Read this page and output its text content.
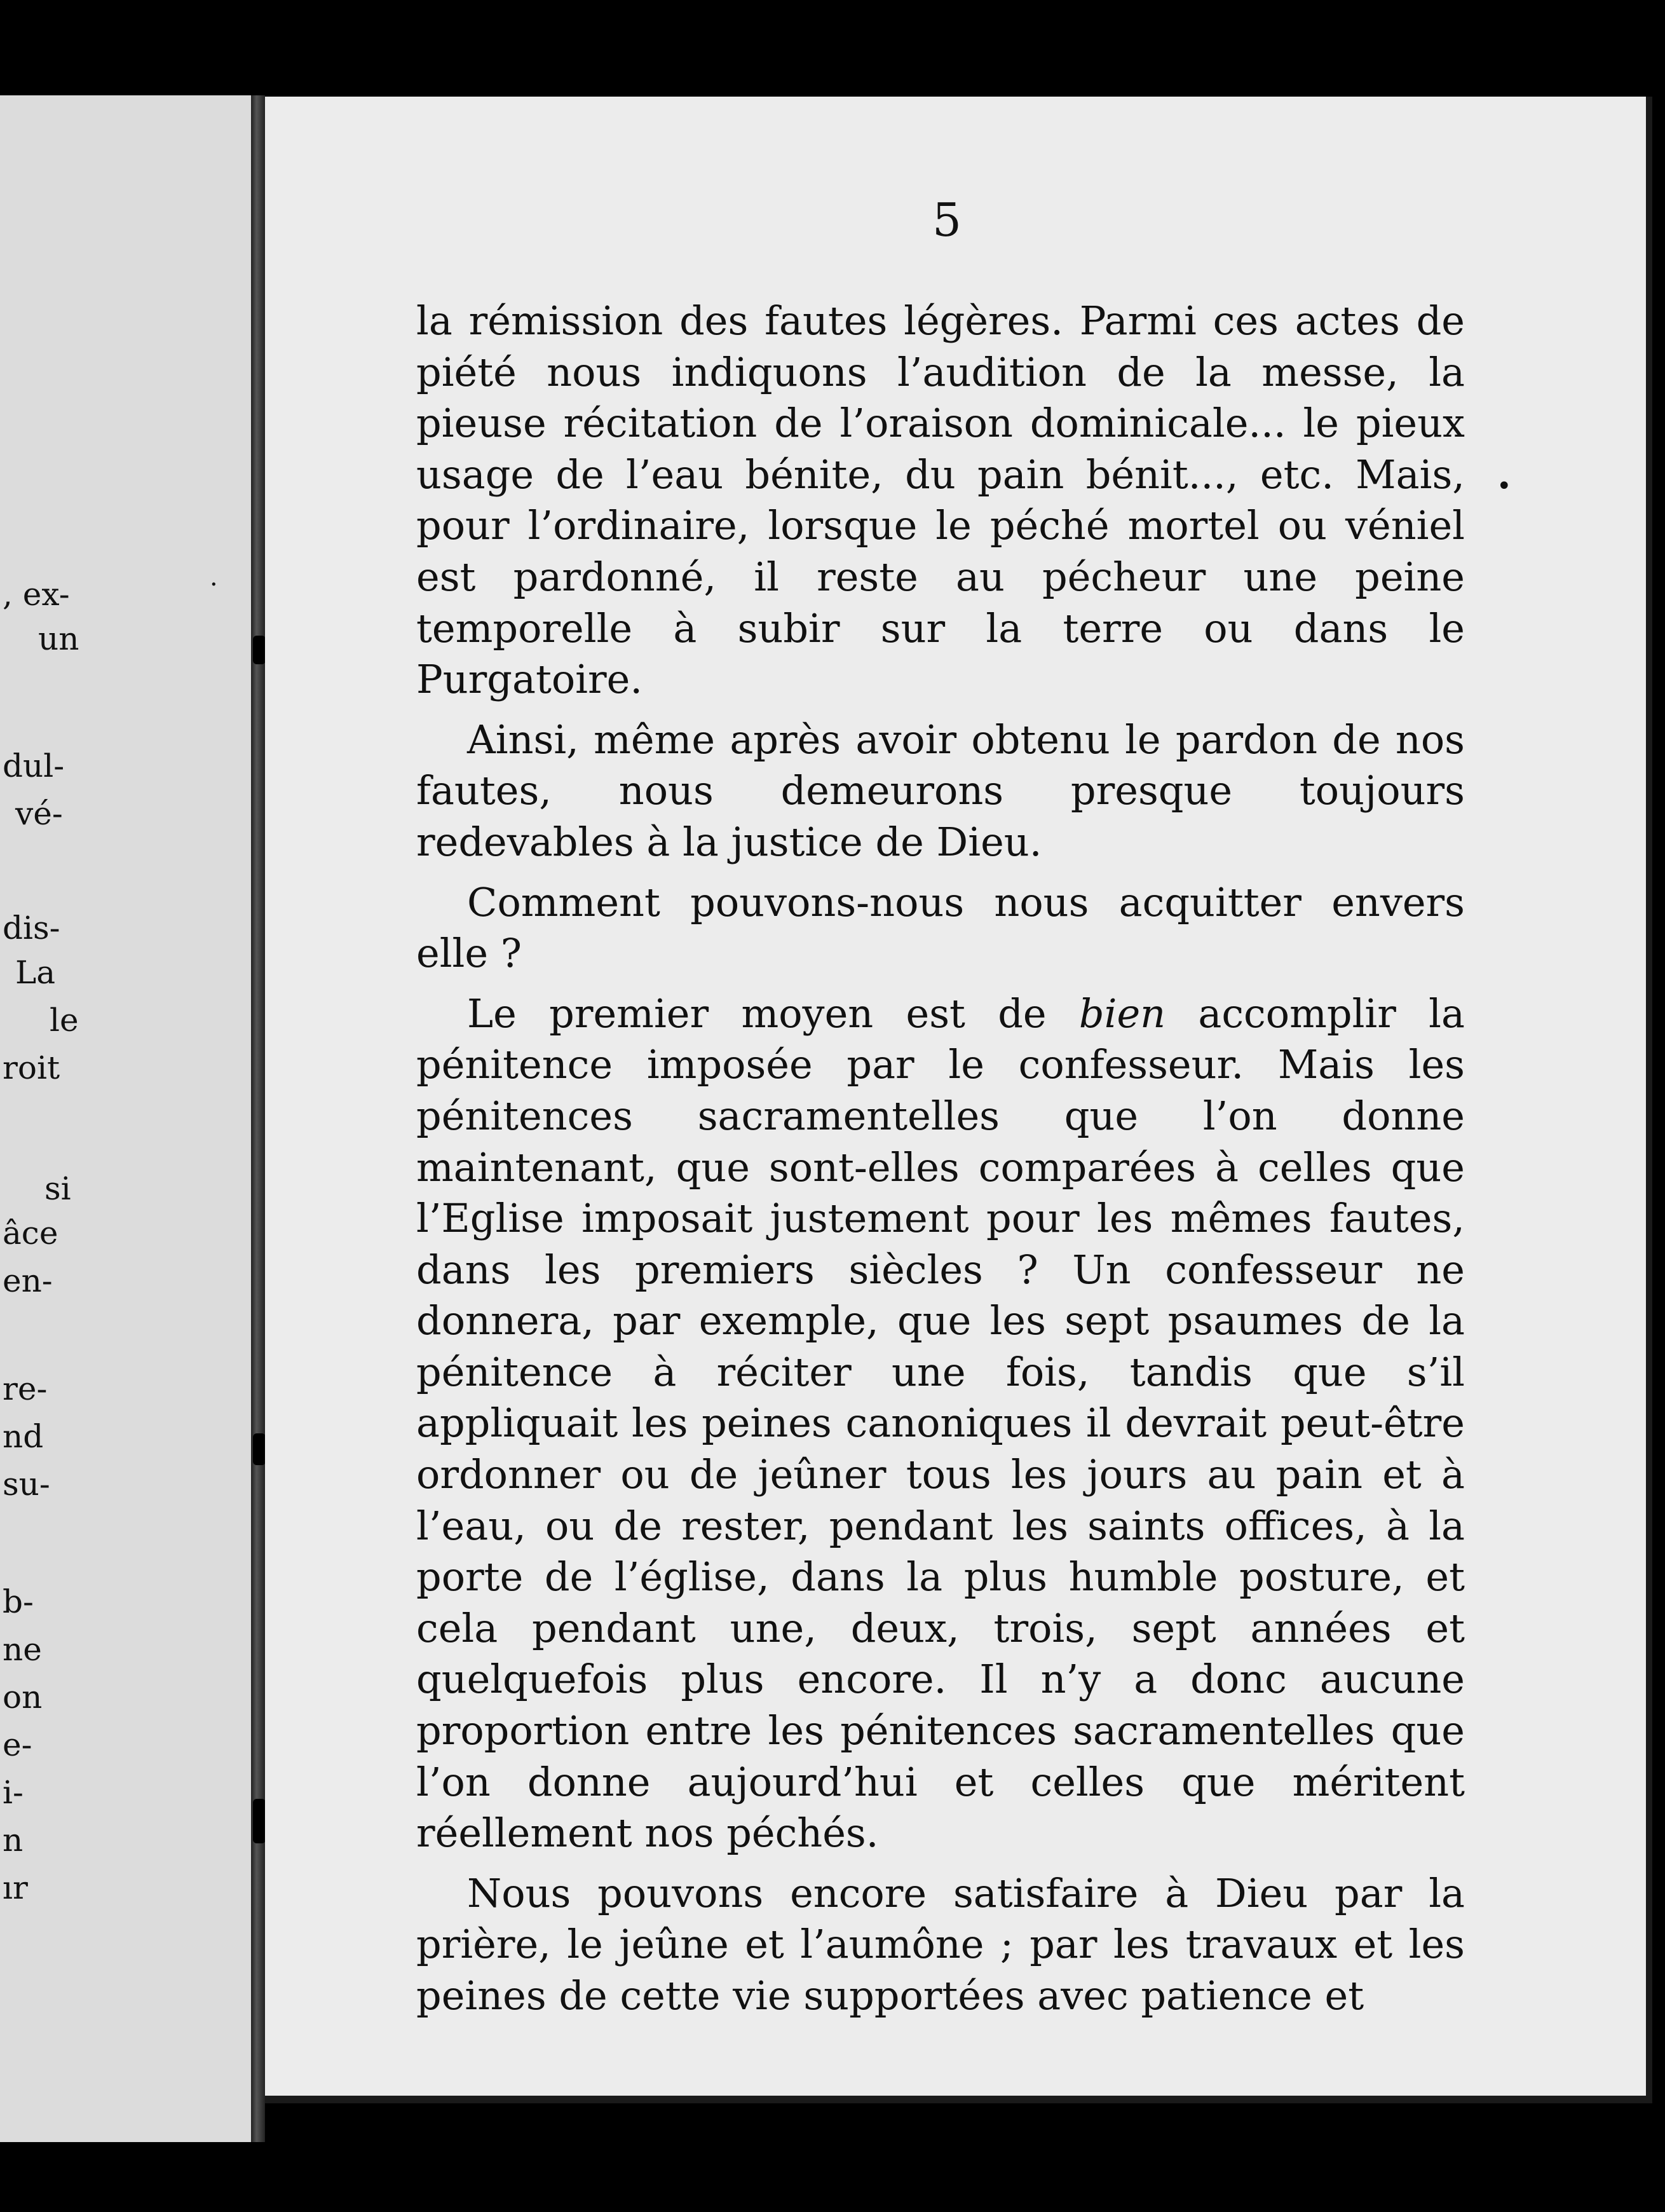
, ex-
un
dul-
vé-
dis-
La
le
roit
si
âce
en-
re-
nd
su-
b-
ne
on
e-
i-
n
ır
5

la rémission des fautes légères. Parmi ces actes de piété nous indiquons l’audition de la messe, la pieuse récitation de l’oraison dominicale... le pieux usage de l’eau bénite, du pain bénit..., etc. Mais, pour l’ordinaire, lorsque le péché mortel ou véniel est pardonné, il reste au pécheur une peine temporelle à subir sur la terre ou dans le Purgatoire.

Ainsi, même après avoir obtenu le pardon de nos fautes, nous demeurons presque toujours redevables à la justice de Dieu.

Comment pouvons-nous nous acquitter envers elle ?

Le premier moyen est de bien accomplir la pénitence imposée par le confesseur. Mais les pénitences sacramentelles que l’on donne maintenant, que sont-elles comparées à celles que l’Eglise imposait justement pour les mêmes fautes, dans les premiers siècles ? Un confesseur ne donnera, par exemple, que les sept psaumes de la pénitence à réciter une fois, tandis que s’il appliquait les peines canoniques il devrait peut-être ordonner ou de jeûner tous les jours au pain et à l’eau, ou de rester, pendant les saints offices, à la porte de l’église, dans la plus humble posture, et cela pendant une, deux, trois, sept années et quelquefois plus encore. Il n’y a donc aucune proportion entre les pénitences sacramentelles que l’on donne aujourd’hui et celles que méritent réellement nos péchés.

Nous pouvons encore satisfaire à Dieu par la prière, le jeûne et l’aumône ; par les travaux et les peines de cette vie supportées avec patience et

•
·
